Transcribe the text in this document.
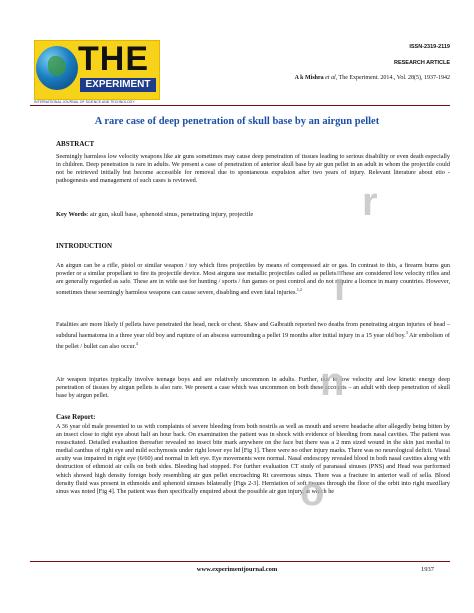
THE
EXPERIMENT
INTERNATIONAL JOURNAL OF SCIENCE AND TECHNOLOGY
ISSN-2319-2119
RESEARCH ARTICLE
A k Mishra et al, The Experiment. 2014., Vol. 28(5), 1937-1942
A rare case of deep penetration of skull base by an airgun pellet
ABSTRACT
Seemingly harmless low velocity weapons like air guns sometimes may cause deep penetration of tissues leading to serious disability or even death especially in children. Deep penetration is rare in adults. We present a case of penetration of anterior skull base by air gun pellet in an adult in whom the projectile could not be retrieved initially but become accessible for removal due to spontaneous expulsion after two years of injury. Relevant literature about etio - pathogenesis and management of such cases is reviewed.
Key Words: air gun, skull base, sphenoid sinus, penetrating injury, projectile
INTRODUCTION
An airgun can be a rifle, pistol or similar weapon / toy which fires projectiles by means of compressed air or gas. In contrast to this, a firearm burns gun powder or a similar propellant to fire its projectile device. Most airguns use metallic projectiles called as pellets. These are considered low velocity rifles and are generally regarded as safe. These are in wide use for hunting / sports / fun games or pest control and do not require a licence in many countries. However, sometimes these seemingly harmless weapons can cause severe, disabling and even fatal injuries.$^{1,2}$
Fatalities are more likely if pellets have penetrated the head, neck or chest. Shaw and Galbraith reported two deaths from penetrating airgun injuries of head – subdural haematoma in a three year old boy and rupture of an abscess surrounding a pellet 19 months after initial injury in a 15 year old boy.$^3$ Air embolism of the pellet / bullet can also occur.$^4$
Air weapon injuries typically involve teenage boys and are relatively uncommon in adults. Further, due to low velocity and low kinetic energy deep penetration of tissues by airgun pellets is also rare. We present a case which was uncommon on both these accounts – an adult with deep penetration of skull base by airgun pellet.
Case Report:
A 36 year old male presented to us with complaints of severe bleeding from both nostrils as well as mouth and severe headache after allegedly being bitten by an insect close to right eye about half an hour back. On examination the patient was in shock with evidence of bleeding from nasal cavities. The patient was resuscitated. Detailed evaluation thereafter revealed no insect bite mark anywhere on the face but there was a 2 mm sized wound in the skin just medial to medial canthus of right eye and mild ecchymosis under right lower eye lid [Fig 1]. There were no other injury marks. There was no neurological deficit. Visual acuity was impaired in right eye (6/60) and normal in left eye. Eye movements were normal. Nasal endoscopy revealed blood in both nasal cavities along with destruction of ethmoid air cells on both sides. Bleeding had stopped. For further evaluation CT study of paranasal sinuses (PNS) and Head was performed which showed high density foreign body resembling air gun pellet encroaching Rt cavernous sinus. There was a fracture in anterior wall of sella. Blood density fluid was present in ethmoids and sphenoid sinuses bilaterally [Figs 2-3]. Herniation of soft tissues through the floor of the orbit into right maxillary sinus was noted [Fig 4]. The patient was then specifically enquired about the possible air gun injury, at which he
r
i
n
o
www.experimentjournal.com	1937
